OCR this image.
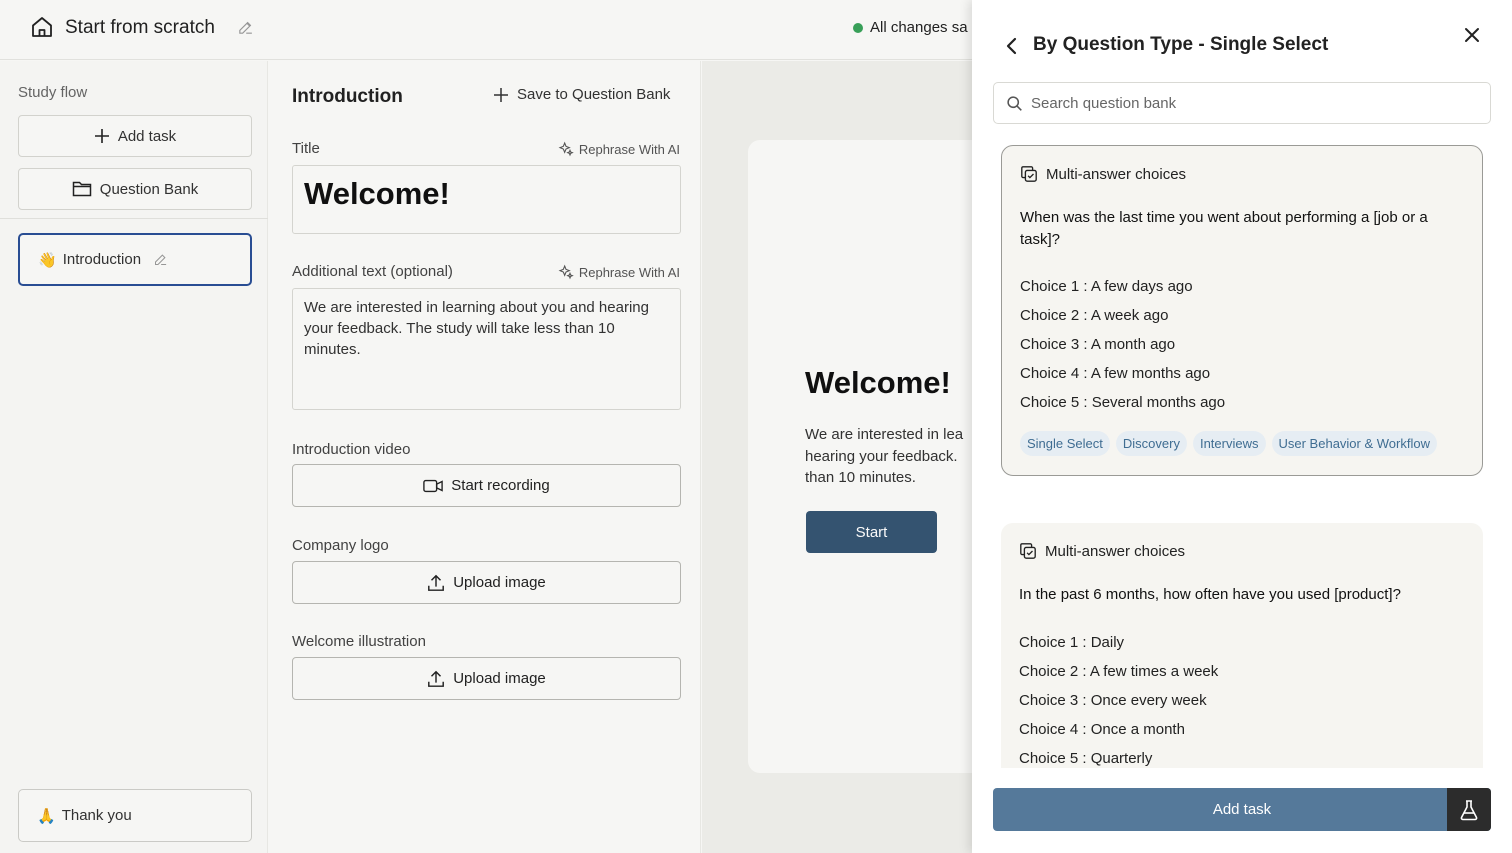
Start from scratch	All changes sa
Study flow
Add task
Question Bank
👋 Introduction
🙏 Thank you
Introduction	Save to Question Bank
Title	Rephrase With AI
Welcome!
Additional text (optional)	Rephrase With AI
We are interested in learning about you and hearing your feedback. The study will take less than 10 minutes.
Introduction video
Start recording
Company logo
Upload image
Welcome illustration
Upload image
Welcome!
We are interested in lea
hearing your feedback.
than 10 minutes.
Start
By Question Type - Single Select
Search question bank
Multi-answer choices
When was the last time you went about performing a [job or a task]?
Choice 1 : A few days ago
Choice 2 : A week ago
Choice 3 : A month ago
Choice 4 : A few months ago
Choice 5 : Several months ago
Single Select	Discovery	Interviews	User Behavior & Workflow
Multi-answer choices
In the past 6 months, how often have you used [product]?
Choice 1 : Daily
Choice 2 : A few times a week
Choice 3 : Once every week
Choice 4 : Once a month
Choice 5 : Quarterly
Add task
